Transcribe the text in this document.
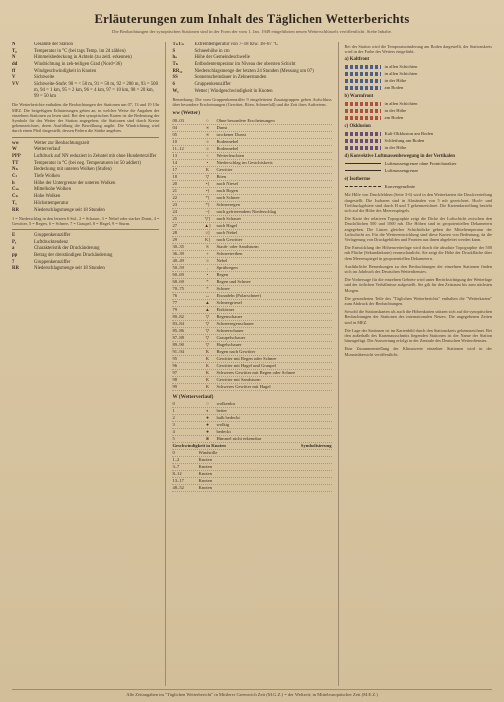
Erläuterungen zum Inhalt des Täglichen Wetterberichts
Die Beobachtungen der synoptischen Stationen sind in der Form der vom 1. Jan. 1949 eingeführten neuen Wetterschlüssels veröffentlicht. Siehe Inhalte.
N	Gesamte der Station
T₀	Temperatur in °C (bei tags Temp. im 2d zählen)
N	Himmelsbedeckung in Achteln (zu zeitl. erkennen)
dd	Windrichtung in zeh-teiligen Grad (Nord=36)
ff	Windgeschwindigkeit in Knoten
V	Sichtweite
VV	Sichtweite-Stufe: 90 = < 50 m, 91 = 50 m, 92 = 200 m, 93 = 500 m, 94 = 1 km, 95 = 2 km, 96 = 4 km, 97 = 10 km, 98 = 20 km, 99 = 50 km
Die Wetterberichte enthalten die Beobachtungen der Stationen um 07, 13 und 19 Uhr MEZ. Die beigefügten Erläuterungen geben an, in welcher Weise die Angaben der einzelnen Stationen zu lesen sind. Bei den synoptischen Karten ist die Bedeutung der Symbole für das Wetter der Station angegeben; die Stationen sind durch Kreise gekennzeichnet, deren Ausfüllung die Bewölkung angibt. Die Windrichtung wird durch einen Pfeil dargestellt, dessen Federn die Stärke angeben.
ww	Wetter zur Beobachtungszeit
W	Wetterverlauf
PPP	Luftdruck auf NN reduziert in Zehntel mb ohne Hunderterziffer
TT	Temperatur in °C (bei neg. Temperaturen ist 50 addiert)
Nₕ	Bedeckung mit unteren Wolken (Stufen)
Cₗ	Tiefe Wolken
h	Höhe der Untergrenze der unteren Wolken
Cₘ	Mittelhohe Wolken
Cₕ	Hohe Wolken
Tₓ	Höchsttemperatur
RR	Niederschlagsmenge seit 18 Stunden
1 = Niederschlag in den letzten 6 Std., 2 = Schauer, 3 = Nebel oder starker Dunst, 4 = Gewitter, 5 = Regen, 6 = Schnee, 7 = Graupel, 8 = Hagel, 9 = Sturm.
E	Gruppenkennziffer
Pₓ	Luftdrucktendenz
a	Charakteristik der Druckänderung
pp	Betrag der dreistündigen Druckänderung
7	Gruppenkennziffer
RR	Niederschlagsmenge seit 18 Stunden
TₙTₙ	Extremtemperatur von 7–18 bzw. 18–07 °C
S	Schneehöhe in cm
hₛ	Höhe der Gemeindeschwelle
Tₕ	Erdbodentemperatur im Niveau der obersten Schicht
RR₁₂	Niederschlagsmenge der letzten 24 Stunden (Messung um 07)
SS	Sonnenscheindauer in Zehnerstunden
6	Gruppenkennziffer
W₁	Wetter | Windgeschwindigkeit in Knoten
Bemerkung: Die vom Gruppenkennziffer 9 eingeleiteten Zusatzgruppen geben Aufschluss über besondere Erscheinungen (Gewitter, Böen, Schneefall) und die Zeit ihres Auftretens.
ww (Wetter)
00–03	○	Ohne besondere Erscheinungen
04	∞	Dunst
05	∞	trockener Dunst
10	≡	Bodennebel
11–12	≡	Bodennebel
13	<	Wetterleuchten
14	•	Niederschlag im Gesichtskreis
17	K	Gewitter
18	▽	Böen
20	•]	nach Niesel
21	•]	nach Regen
22	*]	nach Schnee
23	*]	Schneeregen
24	~]	nach gefrierendem Niederschlag
25	▽]	nach Schauer
27	▲]	nach Hagel
28	≡]	nach Nebel
29	K]	nach Gewitter
30–35	S	Staub- oder Sandsturm
36–39	+	Schneetreiben
40–49	≡	Nebel
50–59	,	Sprühregen
60–69	•	Regen
68–69	*	Regen und Schnee
70–75	*	Schnee
76	↔	Eisnadeln (Polarschnee)
77	▲	Schneegriesel
79	▲	Eiskörner
80–82	▽	Regenschauer
83–84	▽	Schneeregenschauer
85–86	▽	Schneeschauer
87–88	▽	Graupelschauer
89–90	▽	Hagelschauer
91–94	K	Regen nach Gewitter
95	K	Gewitter mit Regen oder Schnee
96	K	Gewitter mit Hagel und Graupel
97	K	Schweres Gewitter mit Regen oder Schnee
98	K	Gewitter mit Sandsturm
99	K	Schweres Gewitter mit Hagel
W (Wetterverlauf)
0	○	wolkenlos
1	◐	heiter
2	●	halb bedeckt
3	●	wolkig
4	●	bedeckt
5	⊗	Himmel nicht erkennbar
Geschwindigkeit in Knoten	Symbolisierung
0	Windstille
1–2	Knoten
3–7	Knoten
8–12	Knoten
13–17	Knoten
48–52	Knoten
Bei der Station wird die Temperaturänderung am Boden dargestellt, der Stationskreis wird in der Farbe des Wetters eingefärbt.
a) Kaltfront
in allen Schichten
in allen Schichten
in der Höhe
am Boden
b) Warmfront
in allen Schichten
in der Höhe
am Boden
c) Okklusion
Kalt-Okklusion am Boden
Schleifung am Boden
in der Höhe
d) Konvektive Luftmassenbewegung in der Vertikalen
Luftmassengrenze ohne Frontcharakter
Luftmassengrenze
e) Isotherme
Konvergenzlinie
Mit Hilfe von Druckfeldern (Seite 3-6) wird in den Wetterkarten die Druckverteilung dargestellt. Die Isobaren sind in Abständen von 5 mb gezeichnet. Hoch- und Tiefdruckgebiete sind durch H und T gekennzeichnet. Die Kartendarstellung bezieht sich auf die Höhe des Meeresspiegels.
Die Karte der relativen Topographie zeigt die Dicke der Luftschicht zwischen den Druckflächen 500 und 1000 mb. Die Höhen sind in geopotentiellen Dekametern angegeben. Die Linien gleicher Schichtdicke geben die Mitteltemperatur der Luftschicht an. Für die Wetterentwicklung sind diese Karten von Bedeutung, da die Verlagerung von Druckgebilden und Fronten aus ihnen abgeleitet werden kann.
Die Entwicklung der Höhenwetterlage wird durch die absolute Topographie der 500 mb Fläche (Sekundärkarte) veranschaulicht. Sie zeigt die Höhe der Druckfläche über dem Meeresspiegel in geopotentiellen Dekametern.
Ausführliche Bemerkungen zu den Beobachtungen der einzelnen Stationen finden sich im Jahrbuch des Deutschen Wetterdienstes.
Die Vorhersage für die einzelnen Gebiete wird unter Berücksichtigung der Wetterlage und der örtlichen Verhältnisse aufgestellt. Sie gilt für den Zeitraum bis zum nächsten Morgen.
Die gesonderten Teile des "Täglichen Wetterberichts" enthalten die "Wetterkarten" zum Abdruck der Beobachtungen.
Sowohl die Stationskarten als auch die Höhenkarten stützen sich auf die synoptischen Beobachtungen der Stationen des internationalen Netzes. Die angegebenen Zeiten sind in MEZ.
Die Lage der Stationen ist im Kartenbild durch den Stationskreis gekennzeichnet. Bei den außerhalb des Kartenausschnitts liegenden Stationen ist der Name der Station hinzugefügt. Die Auswertung erfolgt in der Zentrale des Deutschen Wetterdienstes.
Eine Zusammenstellung der Klimawerte einzelner Stationen wird in der Monatsübersicht veröffentlicht.
Alle Zeitangaben im "Täglichen Wetterbericht" in Mittlerer Greenwich Zeit (M.G.Z.) = der Weltzeit; in Mitteleuropäischer Zeit (M.E.Z.)
